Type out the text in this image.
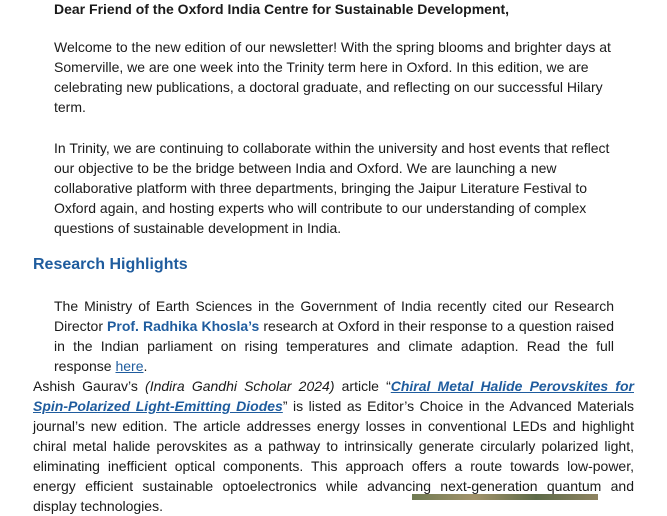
Dear Friend of the Oxford India Centre for Sustainable Development,

Welcome to the new edition of our newsletter! With the spring blooms and brighter days at Somerville, we are one week into the Trinity term here in Oxford. In this edition, we are celebrating new publications, a doctoral graduate, and reflecting on our successful Hilary term.

In Trinity, we are continuing to collaborate within the university and host events that reflect our objective to be the bridge between India and Oxford. We are launching a new collaborative platform with three departments, bringing the Jaipur Literature Festival to Oxford again, and hosting experts who will contribute to our understanding of complex questions of sustainable development in India.

Research Highlights

The Ministry of Earth Sciences in the Government of India recently cited our Research Director Prof. Radhika Khosla’s research at Oxford in their response to a question raised in the Indian parliament on rising temperatures and climate adaption. Read the full response here.

Ashish Gaurav’s (Indira Gandhi Scholar 2024) article “Chiral Metal Halide Perovskites for Spin-Polarized Light-Emitting Diodes” is listed as Editor’s Choice in the Advanced Materials journal’s new edition. The article addresses energy losses in conventional LEDs and highlight chiral metal halide perovskites as a pathway to intrinsically generate circularly polarized light, eliminating inefficient optical components. This approach offers a route towards low-power, energy efficient sustainable optoelectronics while advancing next-generation quantum and display technologies.
